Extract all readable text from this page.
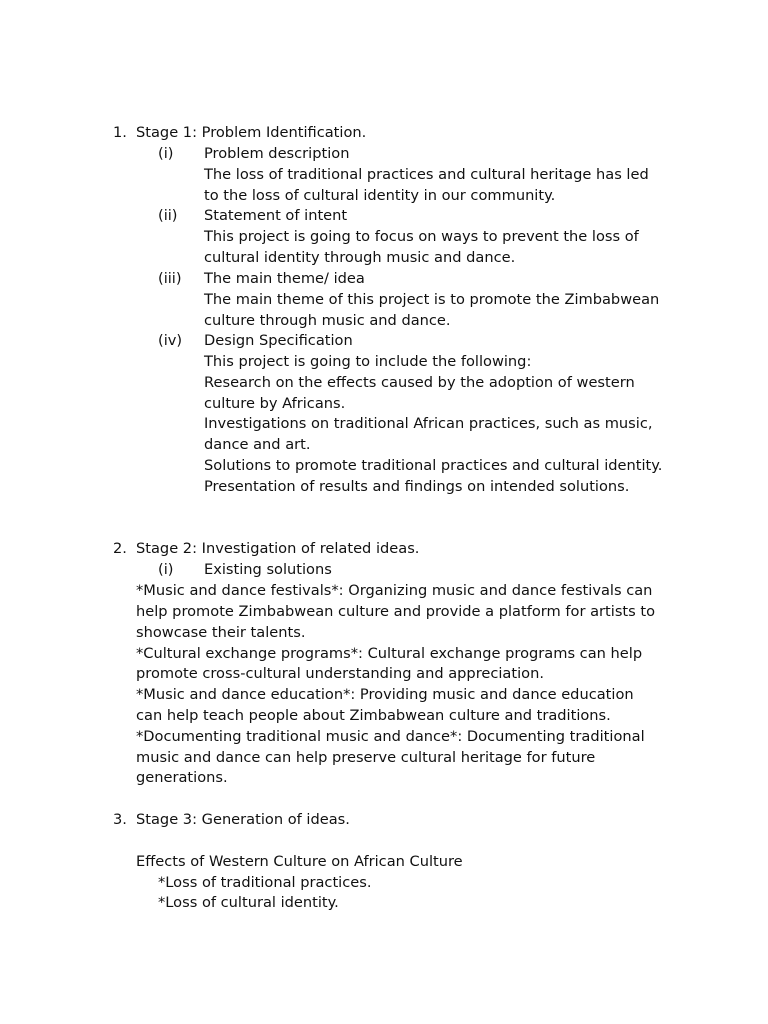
1. Stage 1: Problem Identification.
(i) Problem description
The loss of traditional practices and cultural heritage has led
to the loss of cultural identity in our community.
(ii) Statement of intent
This project is going to focus on ways to prevent the loss of
cultural identity through music and dance.
(iii) The main theme/ idea
The main theme of this project is to promote the Zimbabwean
culture through music and dance.
(iv) Design Specification
This project is going to include the following:
Research on the effects caused by the adoption of western
culture by Africans.
Investigations on traditional African practices, such as music,
dance and art.
Solutions to promote traditional practices and cultural identity.
Presentation of results and findings on intended solutions.
2. Stage 2: Investigation of related ideas.
(i) Existing solutions
*Music and dance festivals*: Organizing music and dance festivals can
help promote Zimbabwean culture and provide a platform for artists to
showcase their talents.
*Cultural exchange programs*: Cultural exchange programs can help
promote cross-cultural understanding and appreciation.
*Music and dance education*: Providing music and dance education
can help teach people about Zimbabwean culture and traditions.
*Documenting traditional music and dance*: Documenting traditional
music and dance can help preserve cultural heritage for future
generations.
3. Stage 3: Generation of ideas.
Effects of Western Culture on African Culture
*Loss of traditional practices.
*Loss of cultural identity.
